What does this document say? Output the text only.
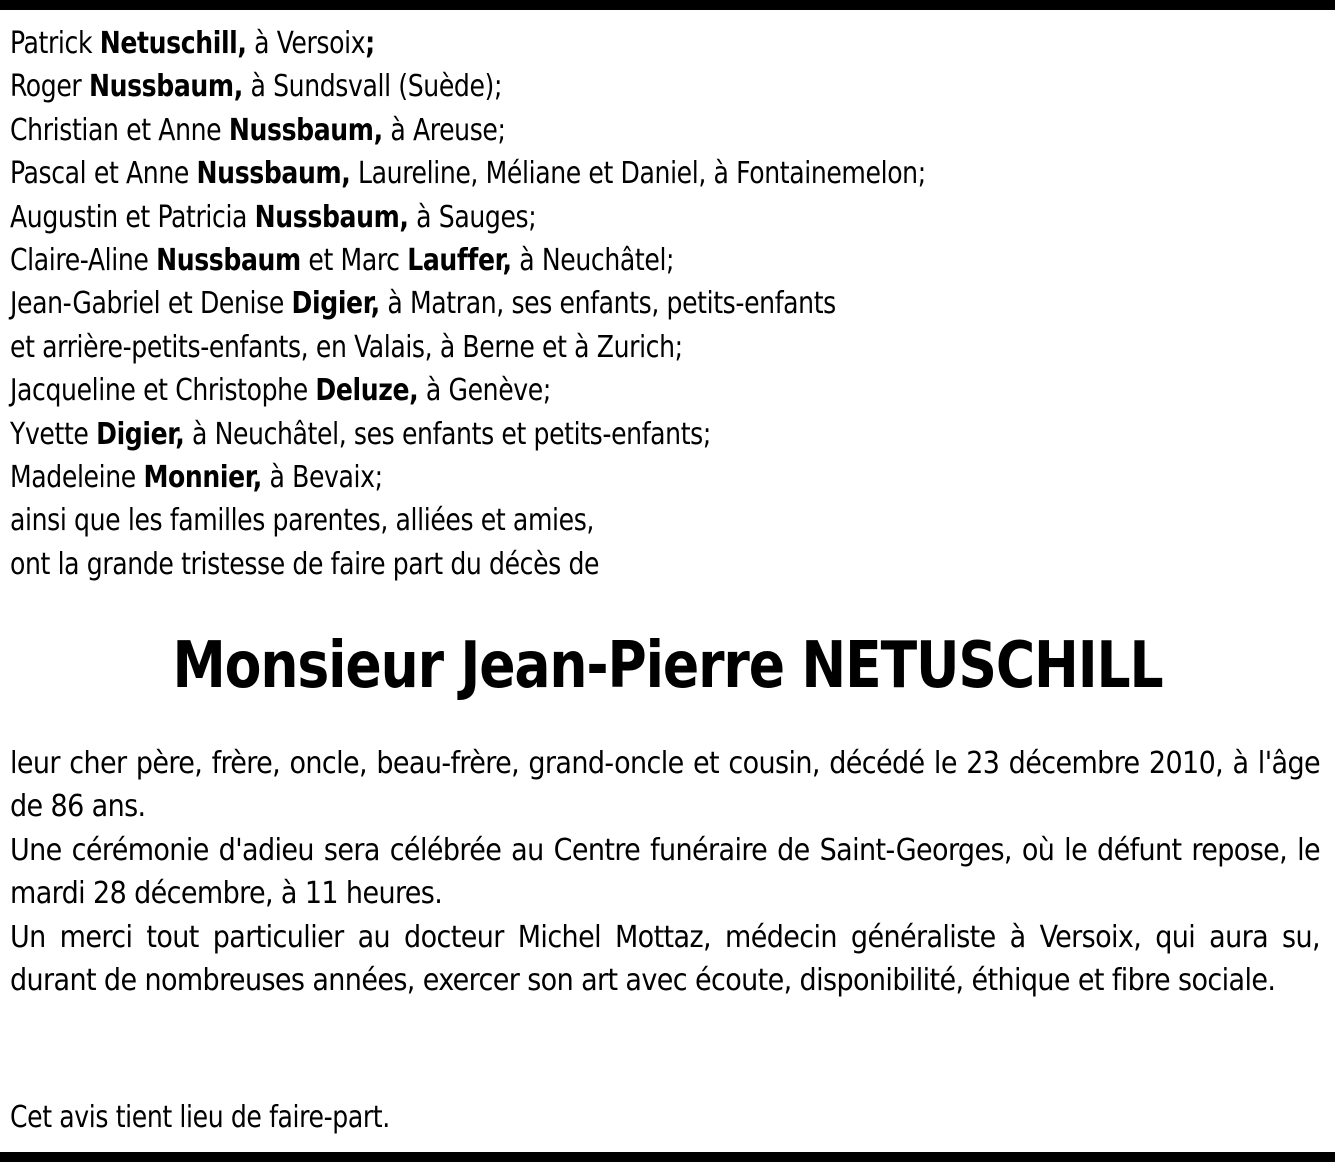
Patrick Netuschill, à Versoix;
Roger Nussbaum, à Sundsvall (Suède);
Christian et Anne Nussbaum, à Areuse;
Pascal et Anne Nussbaum, Laureline, Méliane et Daniel, à Fontainemelon;
Augustin et Patricia Nussbaum, à Sauges;
Claire-Aline Nussbaum et Marc Lauffer, à Neuchâtel;
Jean-Gabriel et Denise Digier, à Matran, ses enfants, petits-enfants
et arrière-petits-enfants, en Valais, à Berne et à Zurich;
Jacqueline et Christophe Deluze, à Genève;
Yvette Digier, à Neuchâtel, ses enfants et petits-enfants;
Madeleine Monnier, à Bevaix;
ainsi que les familles parentes, alliées et amies,
ont la grande tristesse de faire part du décès de
Monsieur Jean-Pierre NETUSCHILL

leur cher père, frère, oncle, beau-frère, grand-oncle et cousin, décédé le 23 décembre 2010, à l'âge de 86 ans.

Une cérémonie d'adieu sera célébrée au Centre funéraire de Saint-Georges, où le défunt repose, le mardi 28 décembre, à 11 heures.

Un merci tout particulier au docteur Michel Mottaz, médecin généraliste à Versoix, qui aura su, durant de nombreuses années, exercer son art avec écoute, disponibilité, éthique et fibre sociale.

Cet avis tient lieu de faire-part.
